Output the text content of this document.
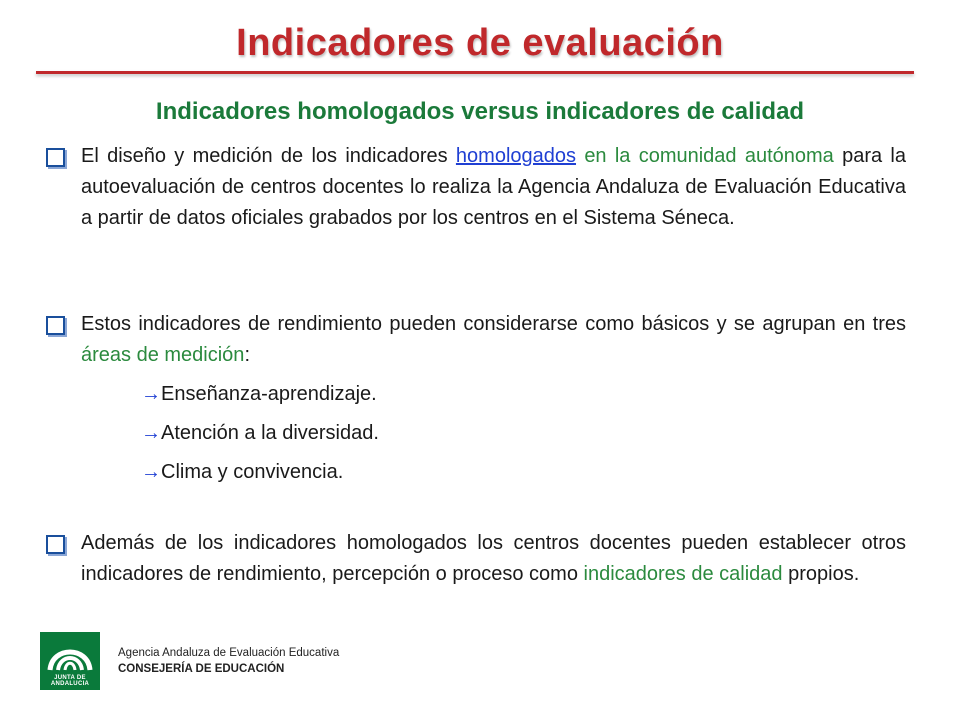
Indicadores de evaluación
Indicadores homologados versus indicadores de calidad
El diseño y medición de los indicadores homologados en la comunidad autónoma para la autoevaluación de centros docentes lo realiza la Agencia Andaluza de Evaluación Educativa a partir de datos oficiales grabados por los centros en el Sistema Séneca.
Estos indicadores de rendimiento pueden considerarse como básicos y se agrupan en tres áreas de medición:
→Enseñanza-aprendizaje.
→Atención a la diversidad.
→Clima y convivencia.
Además de los indicadores homologados los centros docentes pueden establecer otros indicadores de rendimiento, percepción o proceso como indicadores de calidad propios.
JUNTA DE ANDALUCIA
Agencia Andaluza de Evaluación Educativa
CONSEJERÍA DE EDUCACIÓN
